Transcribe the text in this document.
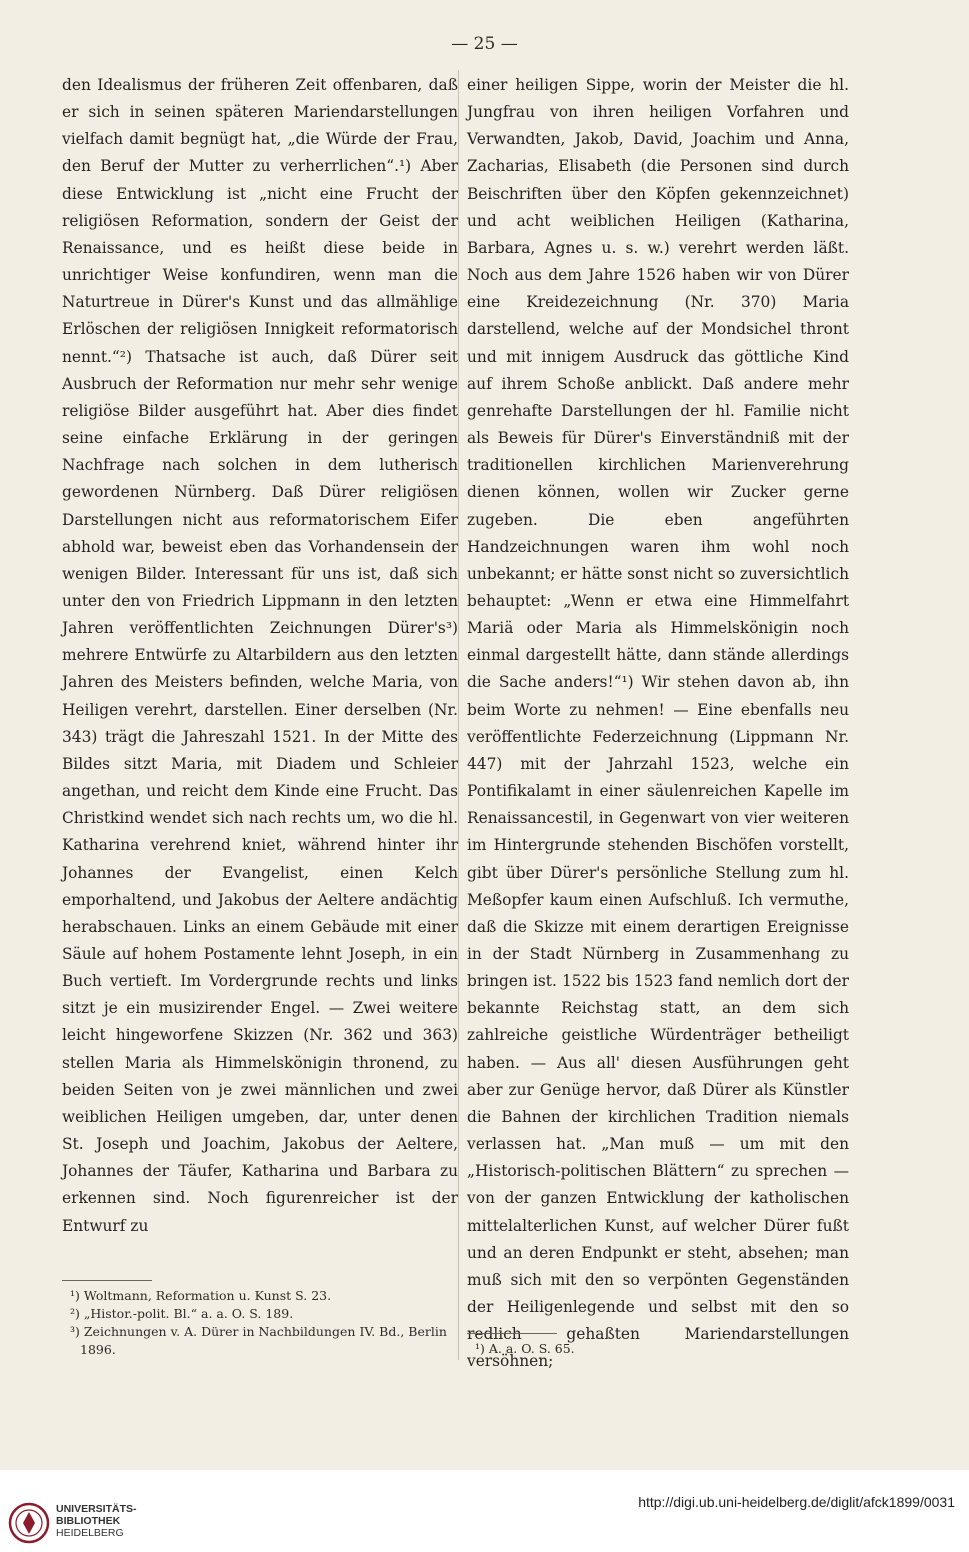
— 25 —

den Idealismus der früheren Zeit offenbaren, daß er sich in seinen späteren Mariendarstellungen vielfach damit begnügt hat, „die Würde der Frau, den Beruf der Mutter zu verherrlichen“.¹) Aber diese Entwicklung ist „nicht eine Frucht der religiösen Reformation, sondern der Geist der Renaissance, und es heißt diese beide in unrichtiger Weise konfundiren, wenn man die Naturtreue in Dürer's Kunst und das allmählige Erlöschen der religiösen Innigkeit reformatorisch nennt.“²) Thatsache ist auch, daß Dürer seit Ausbruch der Reformation nur mehr sehr wenige religiöse Bilder ausgeführt hat. Aber dies findet seine einfache Erklärung in der geringen Nachfrage nach solchen in dem lutherisch gewordenen Nürnberg. Daß Dürer religiösen Darstellungen nicht aus reformatorischem Eifer abhold war, beweist eben das Vorhandensein der wenigen Bilder. Interessant für uns ist, daß sich unter den von Friedrich Lippmann in den letzten Jahren veröffentlichten Zeichnungen Dürer's³) mehrere Entwürfe zu Altarbildern aus den letzten Jahren des Meisters befinden, welche Maria, von Heiligen verehrt, darstellen. Einer derselben (Nr. 343) trägt die Jahreszahl 1521. In der Mitte des Bildes sitzt Maria, mit Diadem und Schleier angethan, und reicht dem Kinde eine Frucht. Das Christkind wendet sich nach rechts um, wo die hl. Katharina verehrend kniet, während hinter ihr Johannes der Evangelist, einen Kelch emporhaltend, und Jakobus der Aeltere andächtig herabschauen. Links an einem Gebäude mit einer Säule auf hohem Postamente lehnt Joseph, in ein Buch vertieft. Im Vordergrunde rechts und links sitzt je ein musizirender Engel. — Zwei weitere leicht hingeworfene Skizzen (Nr. 362 und 363) stellen Maria als Himmelskönigin thronend, zu beiden Seiten von je zwei männlichen und zwei weiblichen Heiligen umgeben, dar, unter denen St. Joseph und Joachim, Jakobus der Aeltere, Johannes der Täufer, Katharina und Barbara zu erkennen sind. Noch figurenreicher ist der Entwurf zu

einer heiligen Sippe, worin der Meister die hl. Jungfrau von ihren heiligen Vorfahren und Verwandten, Jakob, David, Joachim und Anna, Zacharias, Elisabeth (die Personen sind durch Beischriften über den Köpfen gekennzeichnet) und acht weiblichen Heiligen (Katharina, Barbara, Agnes u. s. w.) verehrt werden läßt. Noch aus dem Jahre 1526 haben wir von Dürer eine Kreidezeichnung (Nr. 370) Maria darstellend, welche auf der Mondsichel thront und mit innigem Ausdruck das göttliche Kind auf ihrem Schoße anblickt. Daß andere mehr genrehafte Darstellungen der hl. Familie nicht als Beweis für Dürer's Einverständniß mit der traditionellen kirchlichen Marienverehrung dienen können, wollen wir Zucker gerne zugeben. Die eben angeführten Handzeichnungen waren ihm wohl noch unbekannt; er hätte sonst nicht so zuversichtlich behauptet: „Wenn er etwa eine Himmelfahrt Mariä oder Maria als Himmelskönigin noch einmal dargestellt hätte, dann stände allerdings die Sache anders!“¹) Wir stehen davon ab, ihn beim Worte zu nehmen! — Eine ebenfalls neu veröffentlichte Federzeichnung (Lippmann Nr. 447) mit der Jahrzahl 1523, welche ein Pontifikalamt in einer säulenreichen Kapelle im Renaissancestil, in Gegenwart von vier weiteren im Hintergrunde stehenden Bischöfen vorstellt, gibt über Dürer's persönliche Stellung zum hl. Meßopfer kaum einen Aufschluß. Ich vermuthe, daß die Skizze mit einem derartigen Ereignisse in der Stadt Nürnberg in Zusammenhang zu bringen ist. 1522 bis 1523 fand nemlich dort der bekannte Reichstag statt, an dem sich zahlreiche geistliche Würdenträger betheiligt haben. — Aus all' diesen Ausführungen geht aber zur Genüge hervor, daß Dürer als Künstler die Bahnen der kirchlichen Tradition niemals verlassen hat. „Man muß — um mit den „Historisch-politischen Blättern“ zu sprechen — von der ganzen Entwicklung der katholischen mittelalterlichen Kunst, auf welcher Dürer fußt und an deren Endpunkt er steht, absehen; man muß sich mit den so verpönten Gegenständen der Heiligenlegende und selbst mit den so redlich gehaßten Mariendarstellungen versöhnen;

¹) Woltmann, Reformation u. Kunst S. 23.

²) „Histor.-polit. Bl.“ a. a. O. S. 189.

³) Zeichnungen v. A. Dürer in Nachbildungen IV. Bd., Berlin 1896.	¹) A. a. O. S. 65.

UNIVERSITÄTS-
BIBLIOTHEK
HEIDELBERG
http://digi.ub.uni-heidelberg.de/diglit/afck1899/0031
